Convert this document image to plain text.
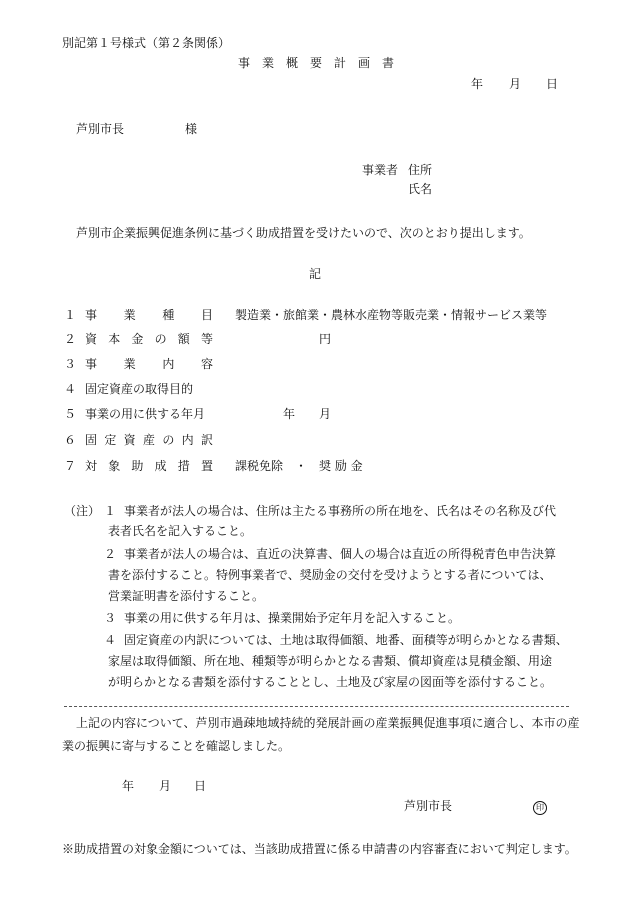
別記第１号様式（第２条関係）
事　業　概　要　計　画　書
年 月 日
芦別市長	様
事業者 住所
氏名
芦別市企業振興促進条例に基づく助成措置を受けたいので、次のとおり提出します。
記
１ 事 業 種 目 製造業・旅館業・農林水産物等販売業・情報サービス業等
２ 資 本 金 の 額 等	円
３ 事 業 内 容
４ 固定資産の取得目的
５ 事業の用に供する年月	年　　月
６ 固 定 資 産 の 内 訳
７ 対 象 助 成 措 置 課税免除　・　奨 励 金
（注） １ 事業者が法人の場合は、住所は主たる事務所の所在地を、氏名はその名称及び代
表者氏名を記入すること。
２ 事業者が法人の場合は、直近の決算書、個人の場合は直近の所得税青色申告決算
書を添付すること。特例事業者で、奨励金の交付を受けようとする者については、
営業証明書を添付すること。
３ 事業の用に供する年月は、操業開始予定年月を記入すること。
４ 固定資産の内訳については、土地は取得価額、地番、面積等が明らかとなる書類、
家屋は取得価額、所在地、種類等が明らかとなる書類、償却資産は見積金額、用途
が明らかとなる書類を添付することとし、土地及び家屋の図面等を添付すること。
上記の内容について、芦別市過疎地域持続的発展計画の産業振興促進事項に適合し、本市の産
業の振興に寄与することを確認しました。
年 月 日
芦別市長	印
※助成措置の対象金額については、当該助成措置に係る申請書の内容審査において判定します。
